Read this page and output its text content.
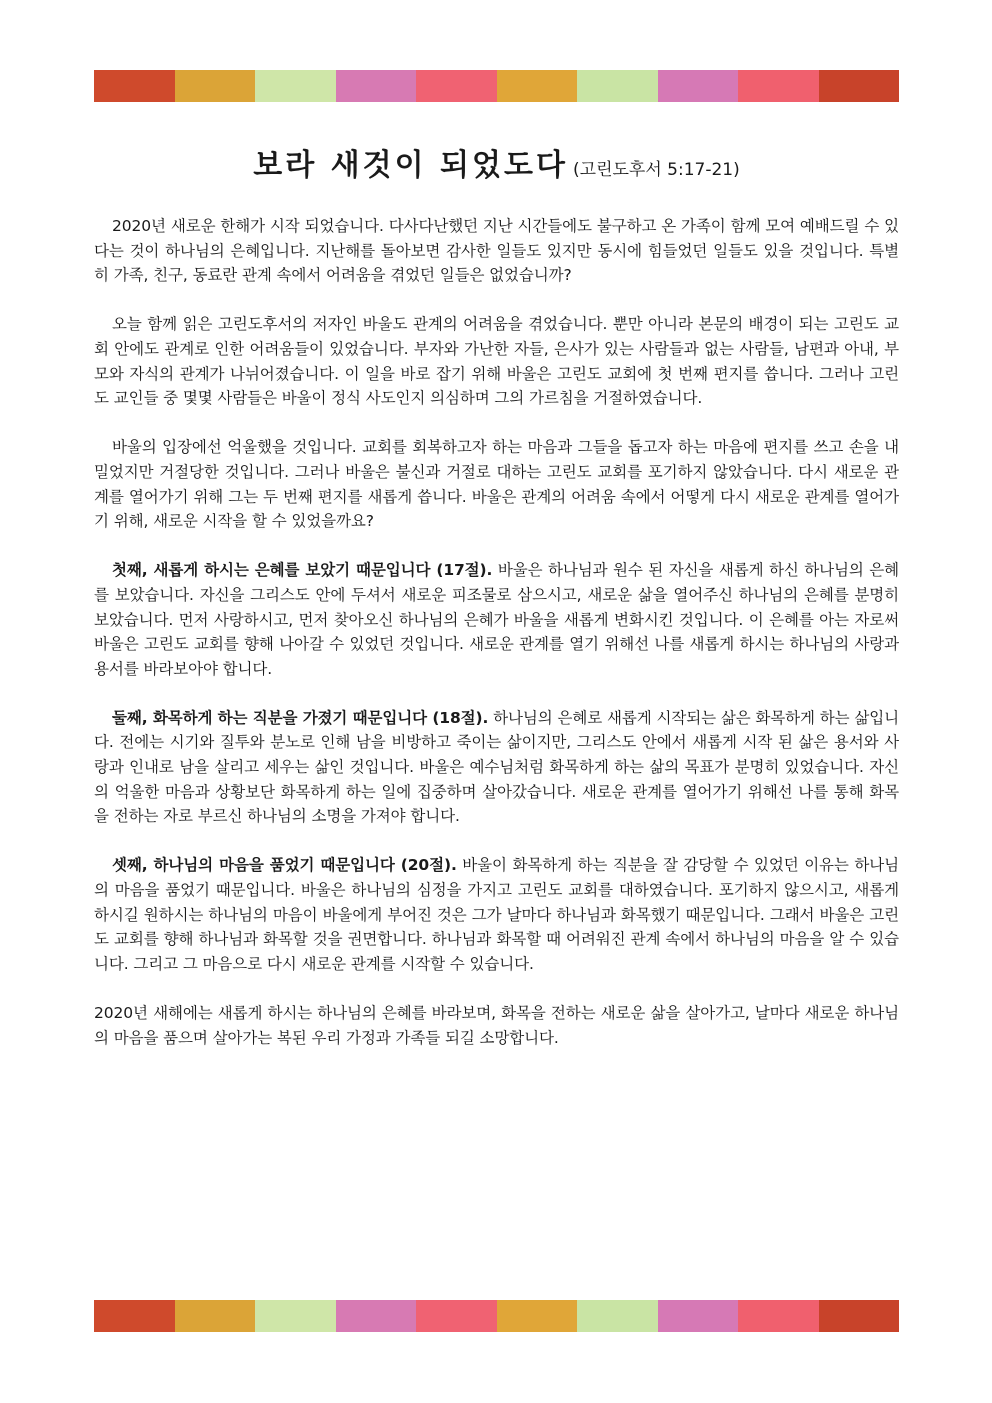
보라 새것이 되었도다 (고린도후서 5:17-21)

2020년 새로운 한해가 시작 되었습니다. 다사다난했던 지난 시간들에도 불구하고 온 가족이 함께 모여 예배드릴 수 있다는 것이 하나님의 은혜입니다. 지난해를 돌아보면 감사한 일들도 있지만 동시에 힘들었던 일들도 있을 것입니다. 특별히 가족, 친구, 동료란 관계 속에서 어려움을 겪었던 일들은 없었습니까?

오늘 함께 읽은 고린도후서의 저자인 바울도 관계의 어려움을 겪었습니다. 뿐만 아니라 본문의 배경이 되는 고린도 교회 안에도 관계로 인한 어려움들이 있었습니다. 부자와 가난한 자들, 은사가 있는 사람들과 없는 사람들, 남편과 아내, 부모와 자식의 관계가 나뉘어졌습니다. 이 일을 바로 잡기 위해 바울은 고린도 교회에 첫 번째 편지를 씁니다. 그러나 고린도 교인들 중 몇몇 사람들은 바울이 정식 사도인지 의심하며 그의 가르침을 거절하였습니다.

바울의 입장에선 억울했을 것입니다. 교회를 회복하고자 하는 마음과 그들을 돕고자 하는 마음에 편지를 쓰고 손을 내밀었지만 거절당한 것입니다. 그러나 바울은 불신과 거절로 대하는 고린도 교회를 포기하지 않았습니다. 다시 새로운 관계를 열어가기 위해 그는 두 번째 편지를 새롭게 씁니다. 바울은 관계의 어려움 속에서 어떻게 다시 새로운 관계를 열어가기 위해, 새로운 시작을 할 수 있었을까요?

첫째, 새롭게 하시는 은혜를 보았기 때문입니다 (17절). 바울은 하나님과 원수 된 자신을 새롭게 하신 하나님의 은혜를 보았습니다. 자신을 그리스도 안에 두셔서 새로운 피조물로 삼으시고, 새로운 삶을 열어주신 하나님의 은혜를 분명히 보았습니다. 먼저 사랑하시고, 먼저 찾아오신 하나님의 은혜가 바울을 새롭게 변화시킨 것입니다. 이 은혜를 아는 자로써 바울은 고린도 교회를 향해 나아갈 수 있었던 것입니다. 새로운 관계를 열기 위해선 나를 새롭게 하시는 하나님의 사랑과 용서를 바라보아야 합니다.

둘째, 화목하게 하는 직분을 가졌기 때문입니다 (18절). 하나님의 은혜로 새롭게 시작되는 삶은 화목하게 하는 삶입니다. 전에는 시기와 질투와 분노로 인해 남을 비방하고 죽이는 삶이지만, 그리스도 안에서 새롭게 시작 된 삶은 용서와 사랑과 인내로 남을 살리고 세우는 삶인 것입니다. 바울은 예수님처럼 화목하게 하는 삶의 목표가 분명히 있었습니다. 자신의 억울한 마음과 상황보단 화목하게 하는 일에 집중하며 살아갔습니다. 새로운 관계를 열어가기 위해선 나를 통해 화목을 전하는 자로 부르신 하나님의 소명을 가져야 합니다.

셋째, 하나님의 마음을 품었기 때문입니다 (20절). 바울이 화목하게 하는 직분을 잘 감당할 수 있었던 이유는 하나님의 마음을 품었기 때문입니다. 바울은 하나님의 심정을 가지고 고린도 교회를 대하였습니다. 포기하지 않으시고, 새롭게 하시길 원하시는 하나님의 마음이 바울에게 부어진 것은 그가 날마다 하나님과 화목했기 때문입니다. 그래서 바울은 고린도 교회를 향해 하나님과 화목할 것을 권면합니다. 하나님과 화목할 때 어려워진 관계 속에서 하나님의 마음을 알 수 있습니다. 그리고 그 마음으로 다시 새로운 관계를 시작할 수 있습니다.

2020년 새해에는 새롭게 하시는 하나님의 은혜를 바라보며, 화목을 전하는 새로운 삶을 살아가고, 날마다 새로운 하나님의 마음을 품으며 살아가는 복된 우리 가정과 가족들 되길 소망합니다.
